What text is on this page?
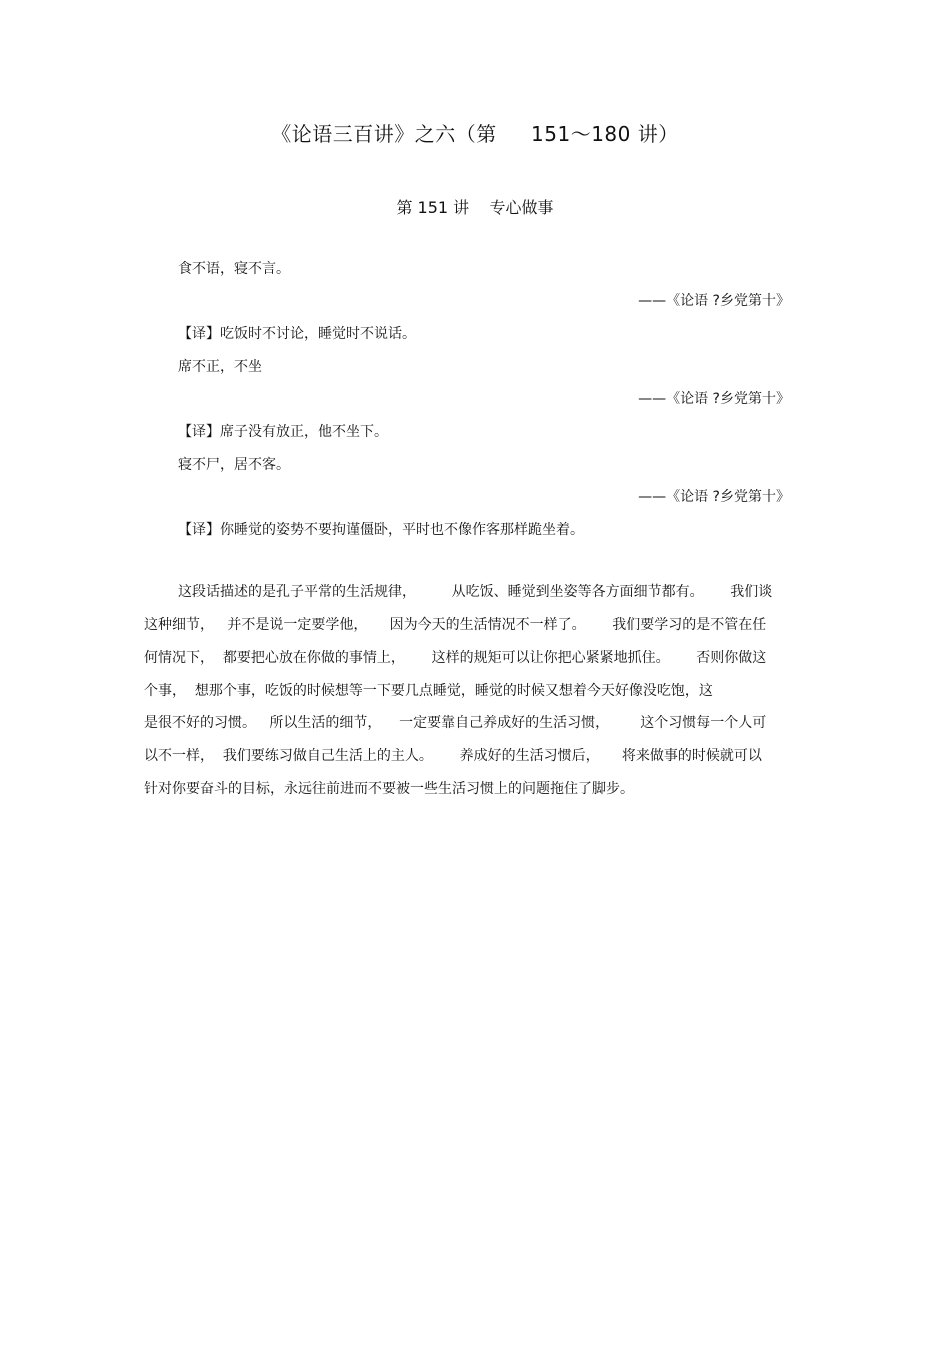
《论语三百讲》之六（第     151～180 讲）
第 151 讲    专心做事
食不语，寝不言。
——《论语 ?乡党第十》
【译】吃饭时不讨论，睡觉时不说话。
席不正，不坐
——《论语 ?乡党第十》
【译】席子没有放正，他不坐下。
寝不尸，居不客。
——《论语 ?乡党第十》
【译】你睡觉的姿势不要拘谨僵卧，平时也不像作客那样跪坐着。
这段话描述的是孔子平常的生活规律，        从吃饭、睡觉到坐姿等各方面细节都有。      我们谈
这种细节，   并不是说一定要学他，     因为今天的生活情况不一样了。      我们要学习的是不管在任
何情况下，  都要把心放在你做的事情上，      这样的规矩可以让你把心紧紧地抓住。      否则你做这
个事，  想那个事，吃饭的时候想等一下要几点睡觉，睡觉的时候又想着今天好像没吃饱，这
是很不好的习惯。   所以生活的细节，    一定要靠自己养成好的生活习惯，       这个习惯每一个人可
以不一样，  我们要练习做自己生活上的主人。      养成好的生活习惯后，     将来做事的时候就可以
针对你要奋斗的目标，永远往前进而不要被一些生活习惯上的问题拖住了脚步。
